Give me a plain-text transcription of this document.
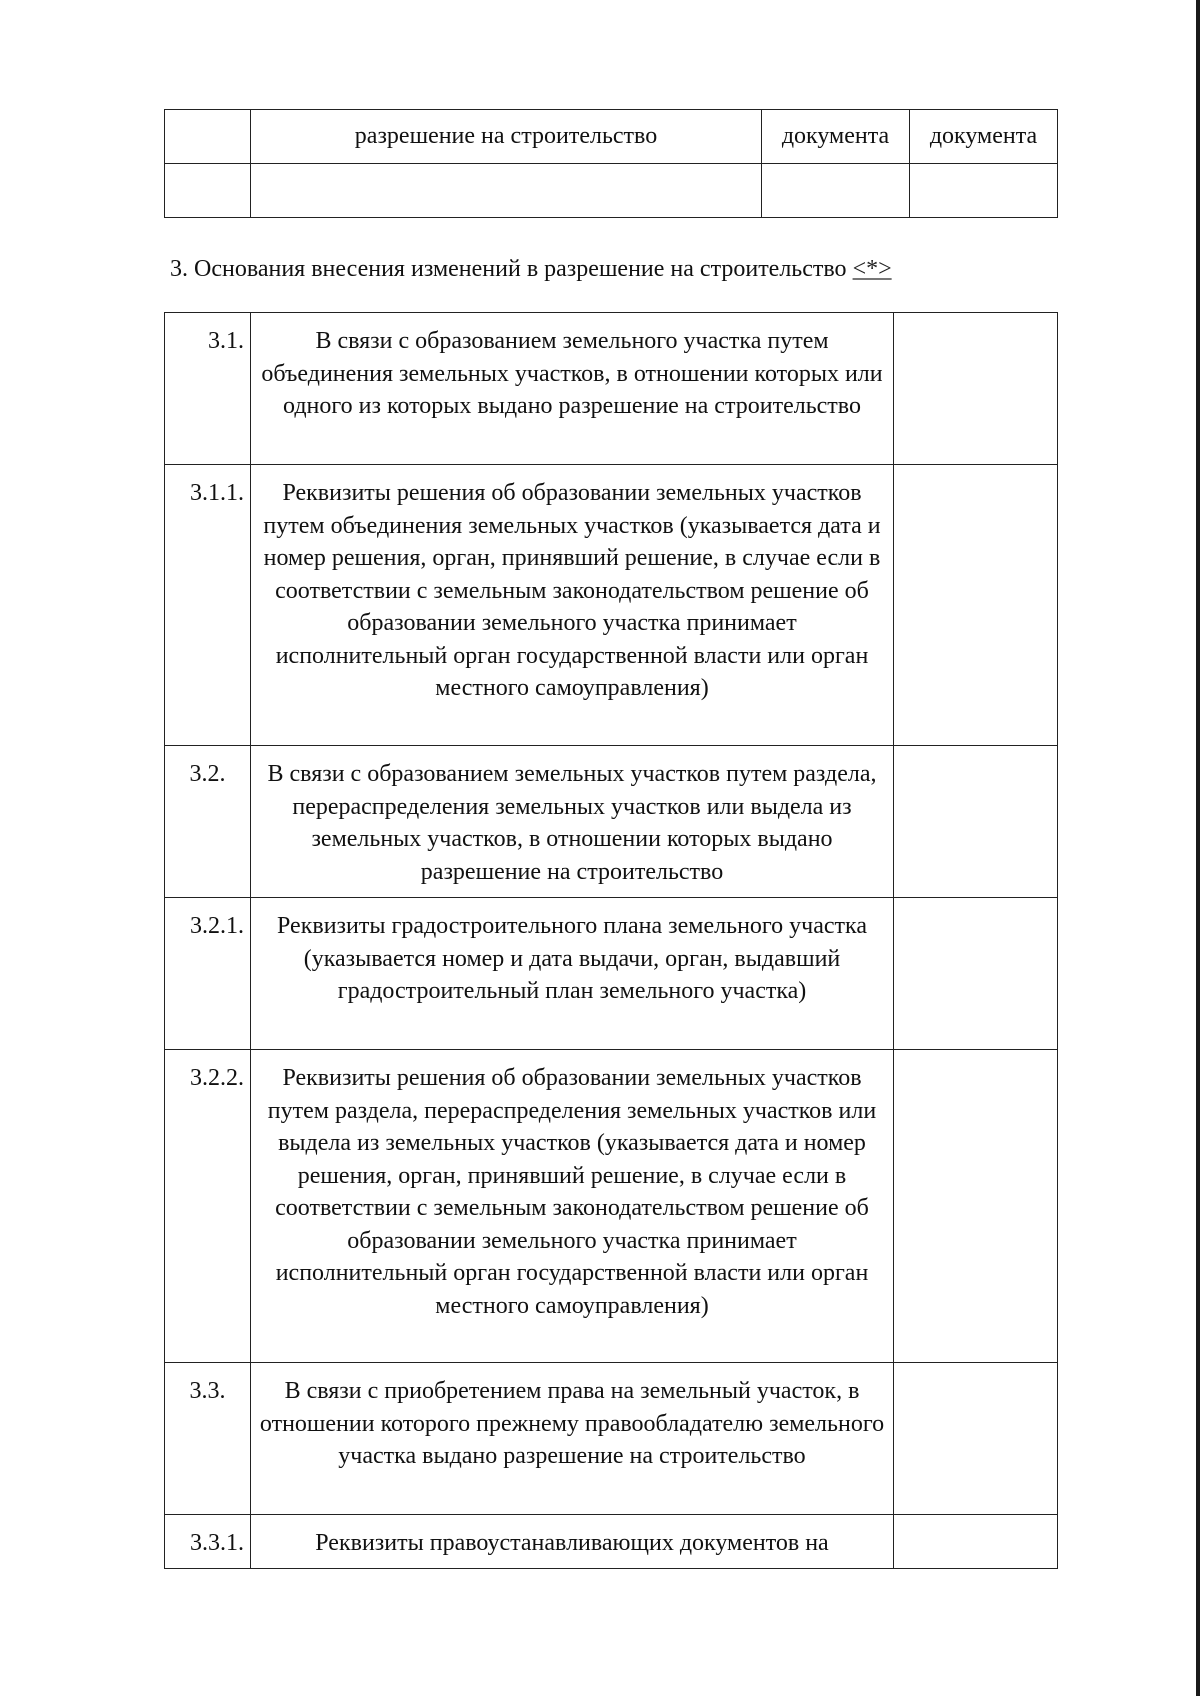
	разрешение на строительство	документа	документа

3. Основания внесения изменений в разрешение на строительство <*>

3.1.	В связи с образованием земельного участка путем объединения земельных участков, в отношении которых или одного из которых выдано разрешение на строительство	
3.1.1.	Реквизиты решения об образовании земельных участков путем объединения земельных участков (указывается дата и номер решения, орган, принявший решение, в случае если в соответствии с земельным законодательством решение об образовании земельного участка принимает исполнительный орган государственной власти или орган местного самоуправления)	
3.2.	В связи с образованием земельных участков путем раздела, перераспределения земельных участков или выдела из земельных участков, в отношении которых выдано разрешение на строительство	
3.2.1.	Реквизиты градостроительного плана земельного участка (указывается номер и дата выдачи, орган, выдавший градостроительный план земельного участка)	
3.2.2.	Реквизиты решения об образовании земельных участков путем раздела, перераспределения земельных участков или выдела из земельных участков (указывается дата и номер решения, орган, принявший решение, в случае если в соответствии с земельным законодательством решение об образовании земельного участка принимает исполнительный орган государственной власти или орган местного самоуправления)	
3.3.	В связи с приобретением права на земельный участок, в отношении которого прежнему правообладателю земельного участка выдано разрешение на строительство	
3.3.1.	Реквизиты правоустанавливающих документов на	
